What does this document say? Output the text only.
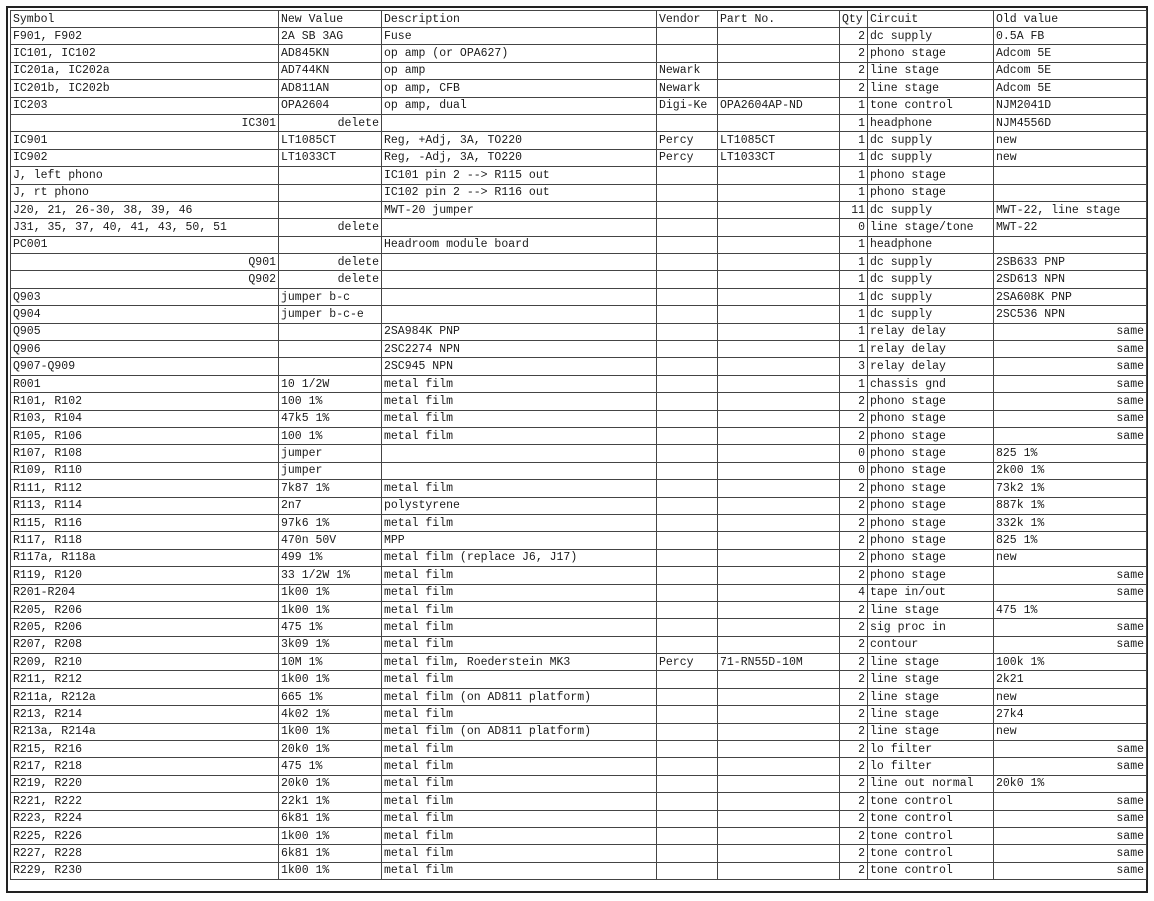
Symbol	New Value	Description	Vendor	Part No.	Qty	Circuit	Old value
F901, F902	2A SB 3AG	Fuse			2	dc supply	0.5A FB
IC101, IC102	AD845KN	op amp (or OPA627)			2	phono stage	Adcom 5E
IC201a, IC202a	AD744KN	op amp	Newark		2	line stage	Adcom 5E
IC201b, IC202b	AD811AN	op amp, CFB	Newark		2	line stage	Adcom 5E
IC203	OPA2604	op amp, dual	Digi-Ke	OPA2604AP-ND	1	tone control	NJM2041D
IC301	delete				1	headphone	NJM4556D
IC901	LT1085CT	Reg, +Adj, 3A, TO220	Percy	LT1085CT	1	dc supply	new
IC902	LT1033CT	Reg, -Adj, 3A, TO220	Percy	LT1033CT	1	dc supply	new
J, left phono		IC101 pin 2 --> R115 out			1	phono stage	
J, rt phono		IC102 pin 2 --> R116 out			1	phono stage	
J20, 21, 26-30, 38, 39, 46		MWT-20 jumper			11	dc supply	MWT-22, line stage
J31, 35, 37, 40, 41, 43, 50, 51	delete				0	line stage/tone	MWT-22
PC001		Headroom module board			1	headphone	
Q901	delete				1	dc supply	2SB633 PNP
Q902	delete				1	dc supply	2SD613 NPN
Q903	jumper b-c				1	dc supply	2SA608K PNP
Q904	jumper b-c-e				1	dc supply	2SC536 NPN
Q905		2SA984K PNP			1	relay delay	same
Q906		2SC2274 NPN			1	relay delay	same
Q907-Q909		2SC945 NPN			3	relay delay	same
R001	10 1/2W	metal film			1	chassis gnd	same
R101, R102	100 1%	metal film			2	phono stage	same
R103, R104	47k5 1%	metal film			2	phono stage	same
R105, R106	100 1%	metal film			2	phono stage	same
R107, R108	jumper				0	phono stage	825 1%
R109, R110	jumper				0	phono stage	2k00 1%
R111, R112	7k87 1%	metal film			2	phono stage	73k2 1%
R113, R114	2n7	polystyrene			2	phono stage	887k 1%
R115, R116	97k6 1%	metal film			2	phono stage	332k 1%
R117, R118	470n 50V	MPP			2	phono stage	825 1%
R117a, R118a	499 1%	metal film (replace J6, J17)			2	phono stage	new
R119, R120	33 1/2W 1%	metal film			2	phono stage	same
R201-R204	1k00 1%	metal film			4	tape in/out	same
R205, R206	1k00 1%	metal film			2	line stage	475 1%
R205, R206	475 1%	metal film			2	sig proc in	same
R207, R208	3k09 1%	metal film			2	contour	same
R209, R210	10M 1%	metal film, Roederstein MK3	Percy	71-RN55D-10M	2	line stage	100k 1%
R211, R212	1k00 1%	metal film			2	line stage	2k21
R211a, R212a	665 1%	metal film (on AD811 platform)			2	line stage	new
R213, R214	4k02 1%	metal film			2	line stage	27k4
R213a, R214a	1k00 1%	metal film (on AD811 platform)			2	line stage	new
R215, R216	20k0 1%	metal film			2	lo filter	same
R217, R218	475 1%	metal film			2	lo filter	same
R219, R220	20k0 1%	metal film			2	line out normal	20k0 1%
R221, R222	22k1 1%	metal film			2	tone control	same
R223, R224	6k81 1%	metal film			2	tone control	same
R225, R226	1k00 1%	metal film			2	tone control	same
R227, R228	6k81 1%	metal film			2	tone control	same
R229, R230	1k00 1%	metal film			2	tone control	same
